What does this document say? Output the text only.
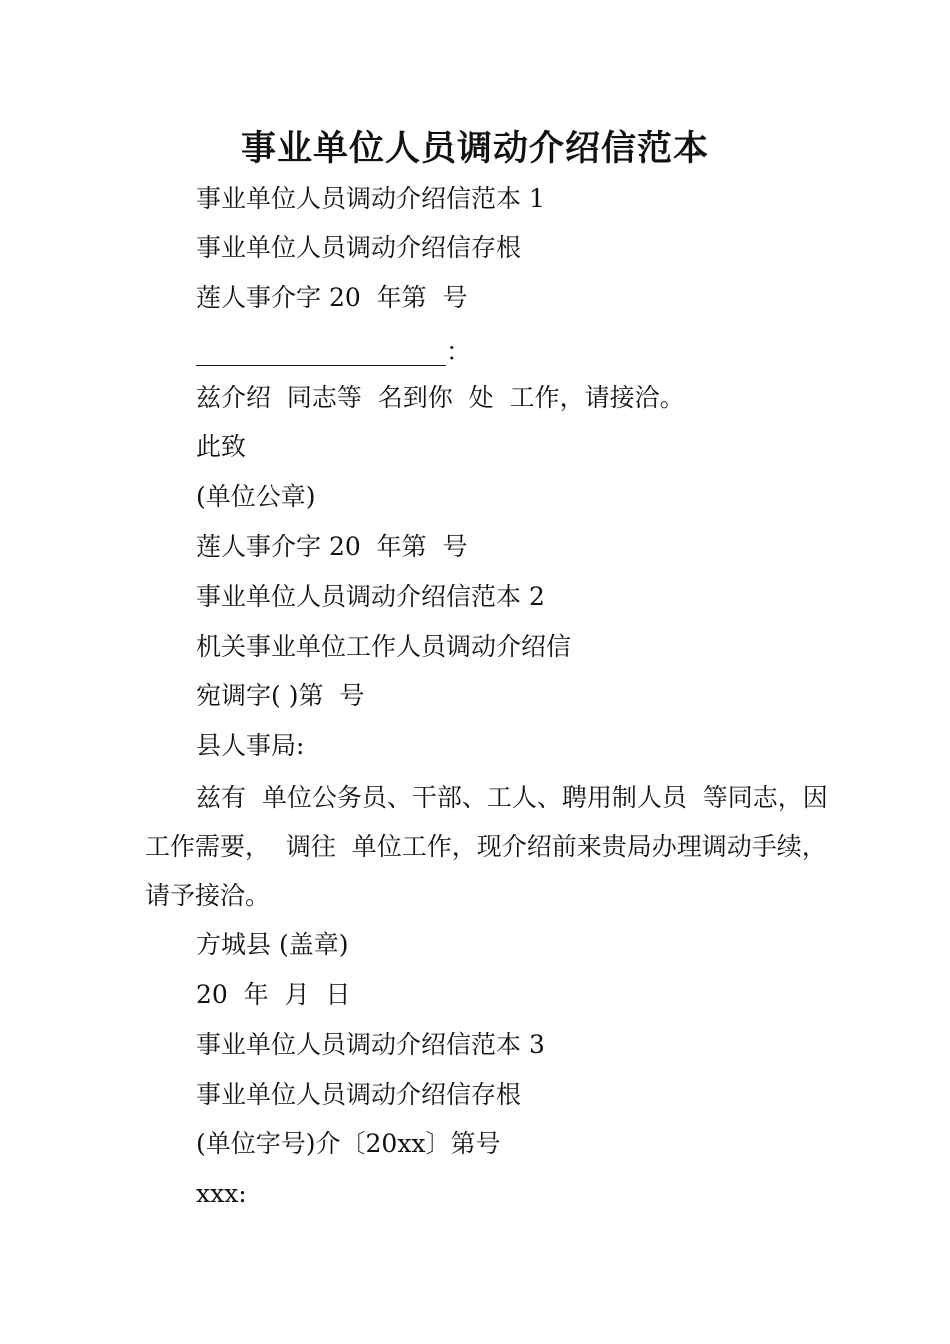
事业单位人员调动介绍信范本
事业单位人员调动介绍信范本 1
事业单位人员调动介绍信存根
莲人事介字 20  年第  号
____________________：
兹介绍  同志等  名到你  处  工作，请接洽。
此致
(单位公章)
莲人事介字 20  年第  号
事业单位人员调动介绍信范本 2
机关事业单位工作人员调动介绍信
宛调字( )第  号
县人事局:
兹有  单位公务员、干部、工人、聘用制人员  等同志，因工作需要，  调往  单位工作，现介绍前来贵局办理调动手续，请予接洽。
方城县 (盖章)
20  年  月  日
事业单位人员调动介绍信范本 3
事业单位人员调动介绍信存根
(单位字号)介〔20xx〕第号
xxx:
